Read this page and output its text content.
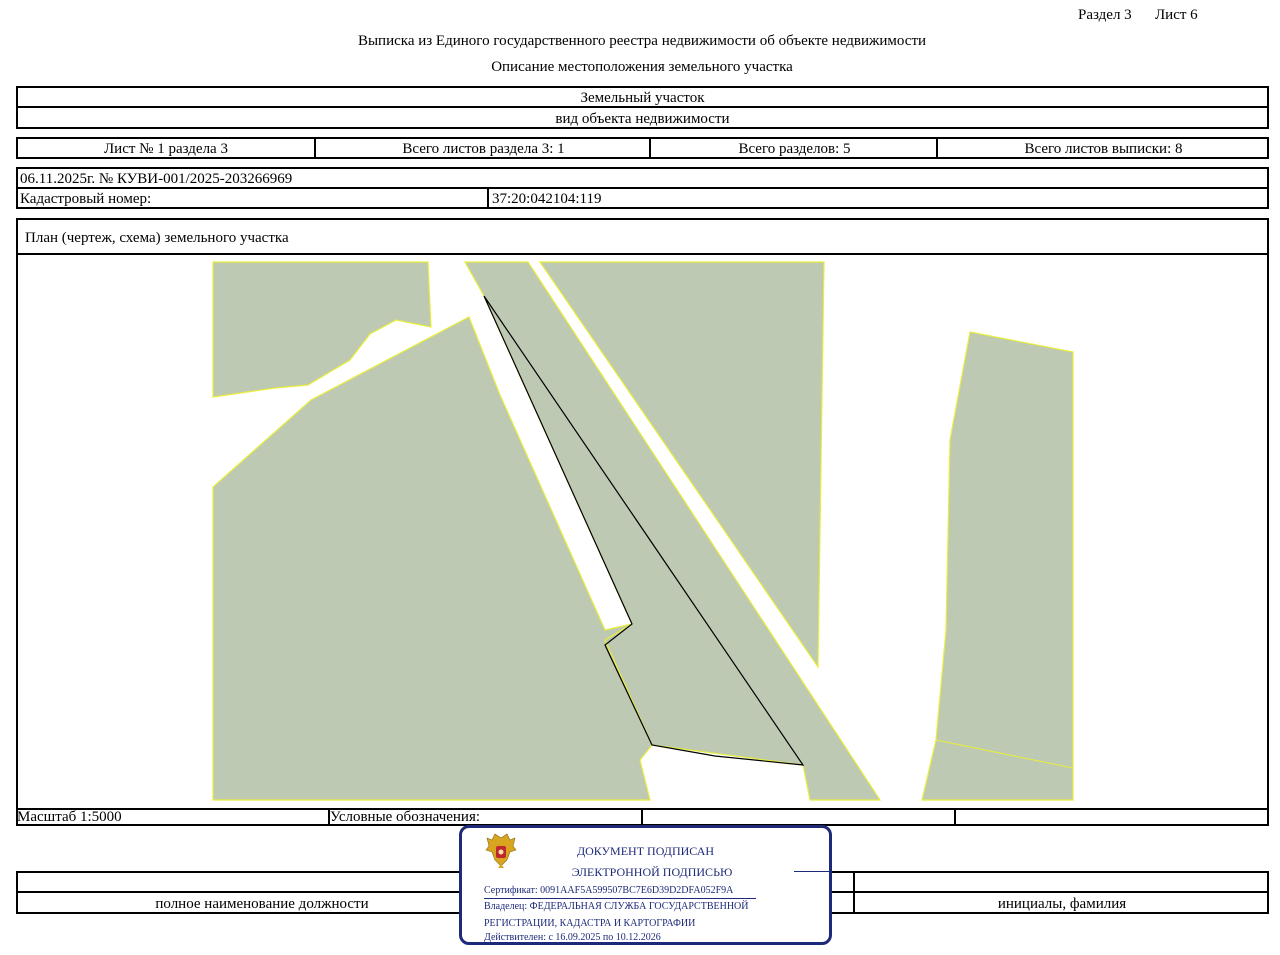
Раздел 3 Лист 6
Выписка из Единого государственного реестра недвижимости об объекте недвижимости
Описание местоположения земельного участка
Земельный участок
вид объекта недвижимости
Лист № 1 раздела 3	Всего листов раздела 3: 1	Всего разделов: 5	Всего листов выписки: 8
06.11.2025г. № КУВИ-001/2025-203266969
Кадастровый номер:	37:20:042104:119
План (чертеж, схема) земельного участка
Масштаб 1:5000	Условные обозначения:
полное наименование должности	инициалы, фамилия
ДОКУМЕНТ ПОДПИСАН
ЭЛЕКТРОННОЙ ПОДПИСЬЮ
Сертификат: 0091AAF5A599507BC7E6D39D2DFA052F9A
Владелец: ФЕДЕРАЛЬНАЯ СЛУЖБА ГОСУДАРСТВЕННОЙ
РЕГИСТРАЦИИ, КАДАСТРА И КАРТОГРАФИИ
Действителен: с 16.09.2025 по 10.12.2026
